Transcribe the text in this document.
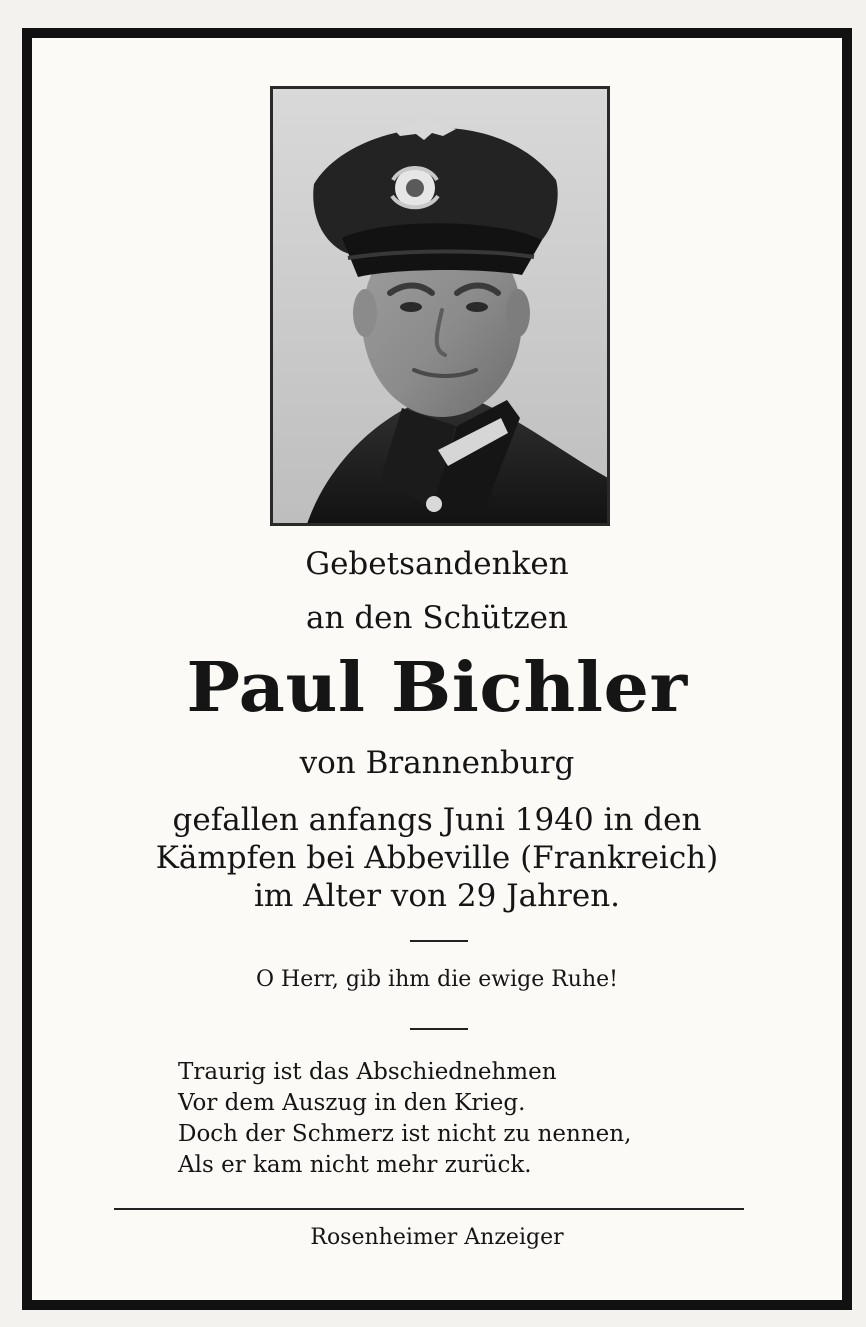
Gebetsandenken
an den Schützen
Paul Bichler
von Brannenburg
gefallen anfangs Juni 1940 in den
Kämpfen bei Abbeville (Frankreich)
im Alter von 29 Jahren.
O Herr, gib ihm die ewige Ruhe!
Traurig ist das Abschiednehmen
Vor dem Auszug in den Krieg.
Doch der Schmerz ist nicht zu nennen,
Als er kam nicht mehr zurück.
Rosenheimer Anzeiger
